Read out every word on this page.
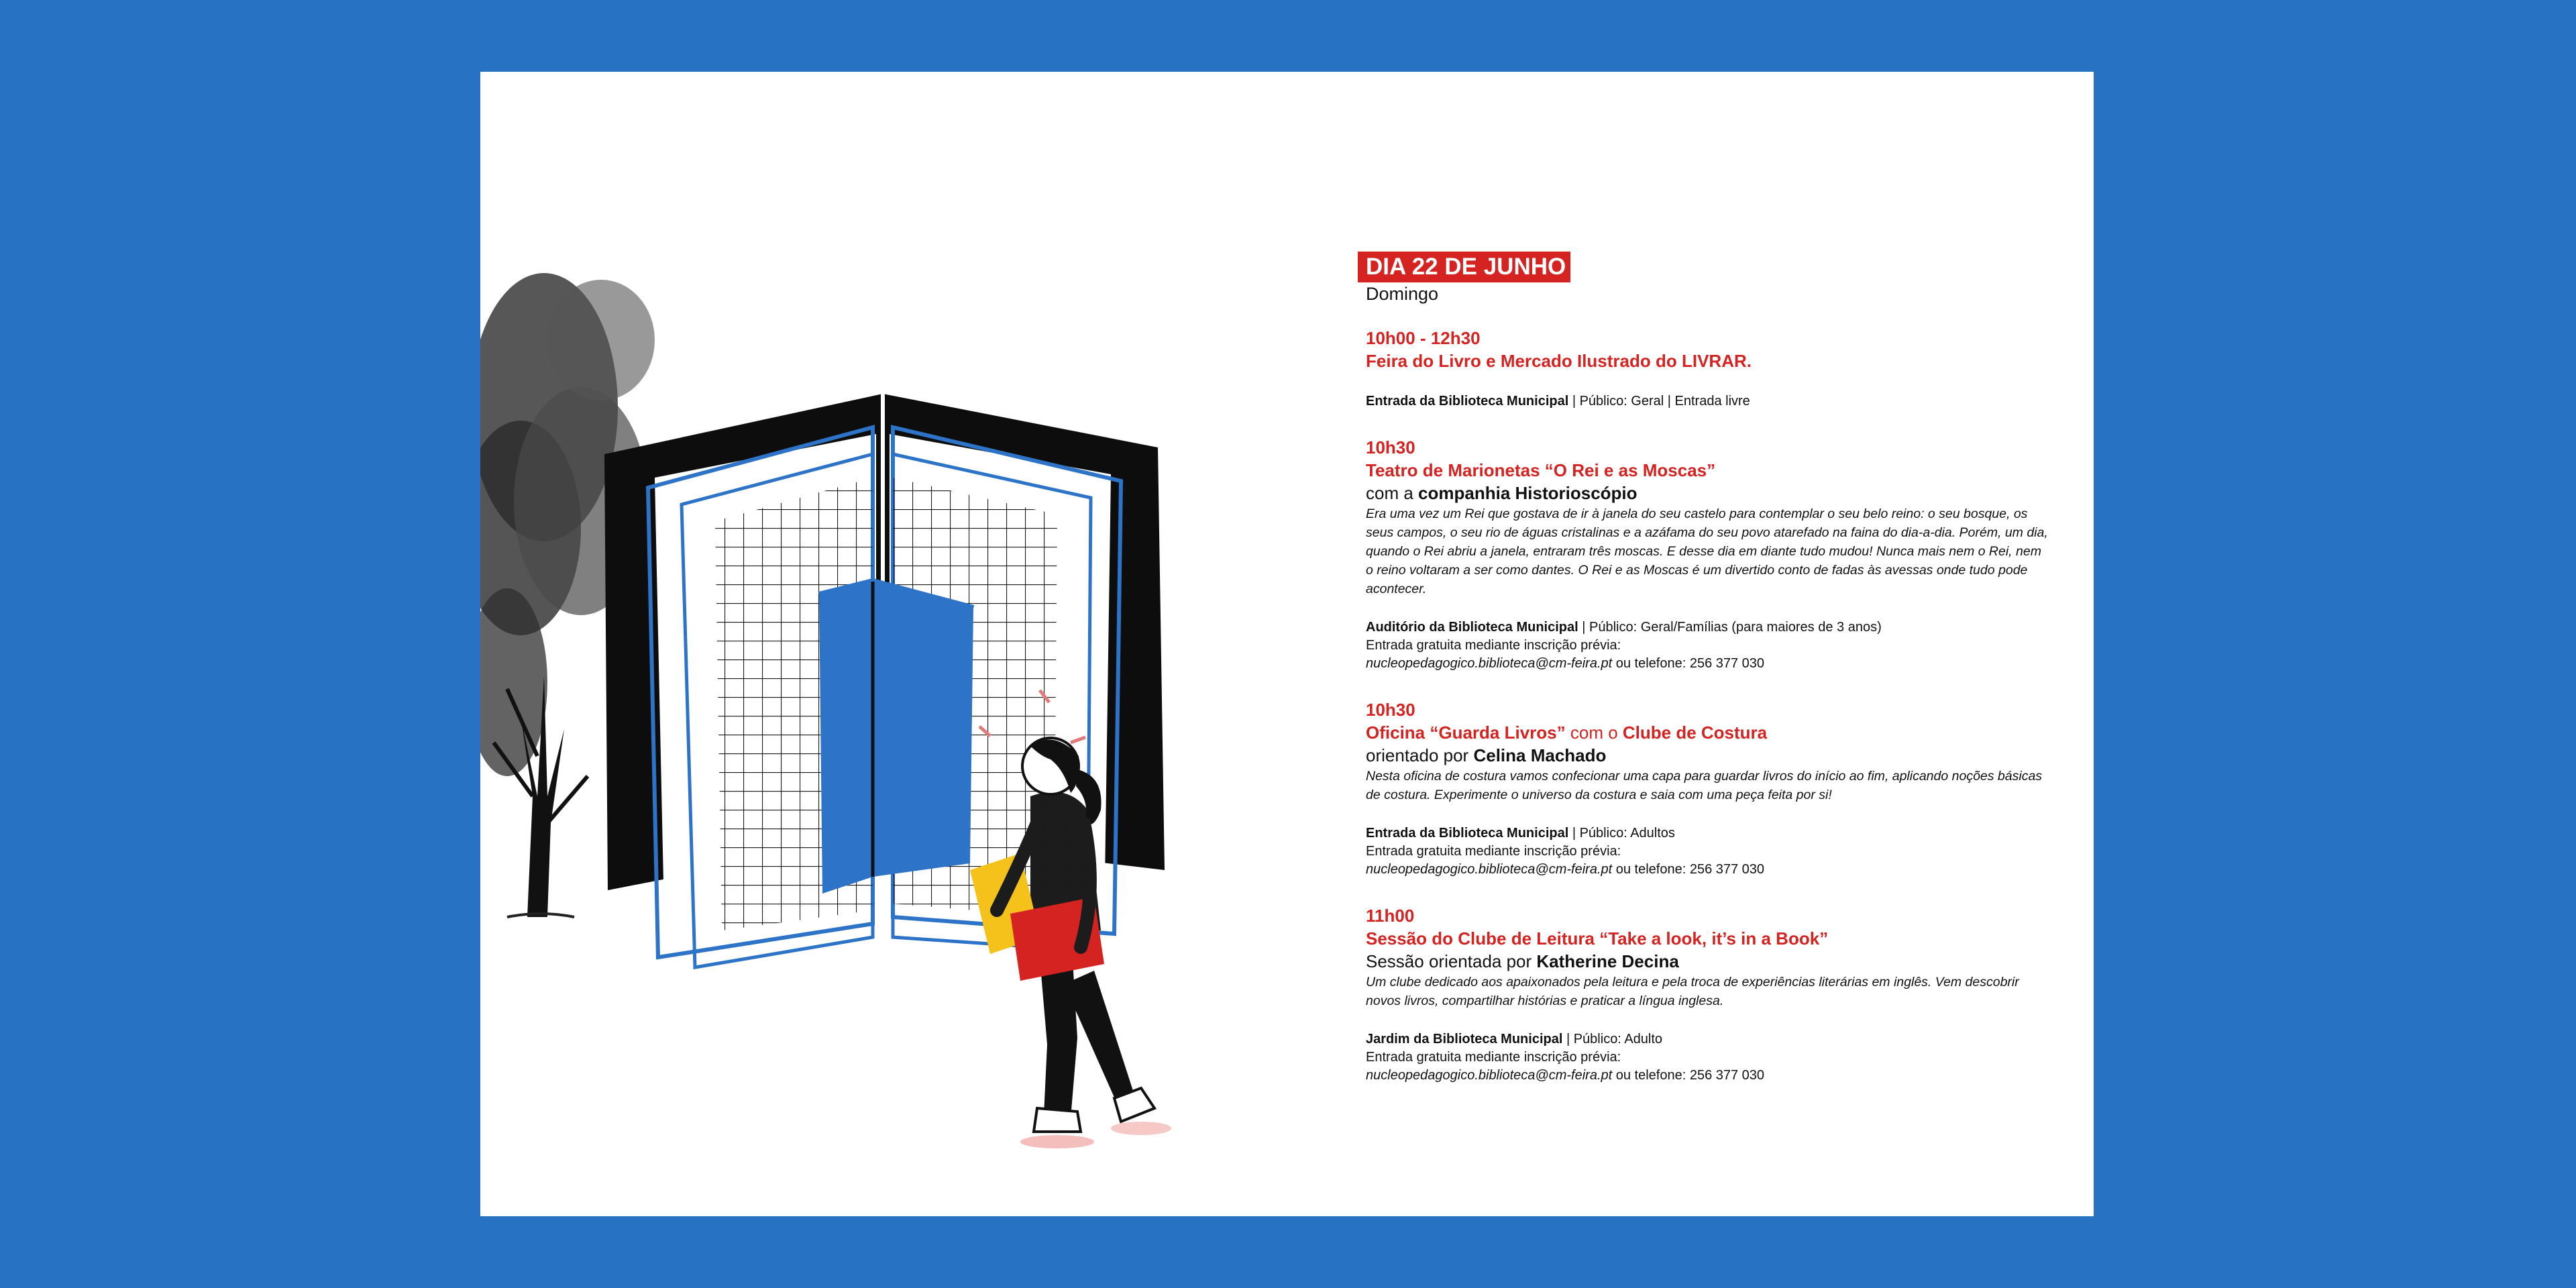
DIA 22 DE JUNHO
Domingo
10h00 - 12h30
Feira do Livro e Mercado Ilustrado do LIVRAR.
Entrada da Biblioteca Municipal | Público: Geral | Entrada livre
10h30
Teatro de Marionetas “O Rei e as Moscas”
com a companhia Historioscópio
Era uma vez um Rei que gostava de ir à janela do seu castelo para contemplar o seu belo reino: o seu bosque, os seus campos, o seu rio de águas cristalinas e a azáfama do seu povo atarefado na faina do dia-a-dia. Porém, um dia, quando o Rei abriu a janela, entraram três moscas. E desse dia em diante tudo mudou! Nunca mais nem o Rei, nem o reino voltaram a ser como dantes. O Rei e as Moscas é um divertido conto de fadas às avessas onde tudo pode acontecer.
Auditório da Biblioteca Municipal | Público: Geral/Famílias (para maiores de 3 anos)
Entrada gratuita mediante inscrição prévia:
nucleopedagogico.biblioteca@cm-feira.pt ou telefone: 256 377 030
10h30
Oficina “Guarda Livros” com o Clube de Costura
orientado por Celina Machado
Nesta oficina de costura vamos confecionar uma capa para guardar livros do início ao fim, aplicando noções básicas de costura. Experimente o universo da costura e saia com uma peça feita por si!
Entrada da Biblioteca Municipal | Público: Adultos
Entrada gratuita mediante inscrição prévia:
nucleopedagogico.biblioteca@cm-feira.pt ou telefone: 256 377 030
11h00
Sessão do Clube de Leitura “Take a look, it’s in a Book”
Sessão orientada por Katherine Decina
Um clube dedicado aos apaixonados pela leitura e pela troca de experiências literárias em inglês. Vem descobrir novos livros, compartilhar histórias e praticar a língua inglesa.
Jardim da Biblioteca Municipal | Público: Adulto
Entrada gratuita mediante inscrição prévia:
nucleopedagogico.biblioteca@cm-feira.pt ou telefone: 256 377 030
